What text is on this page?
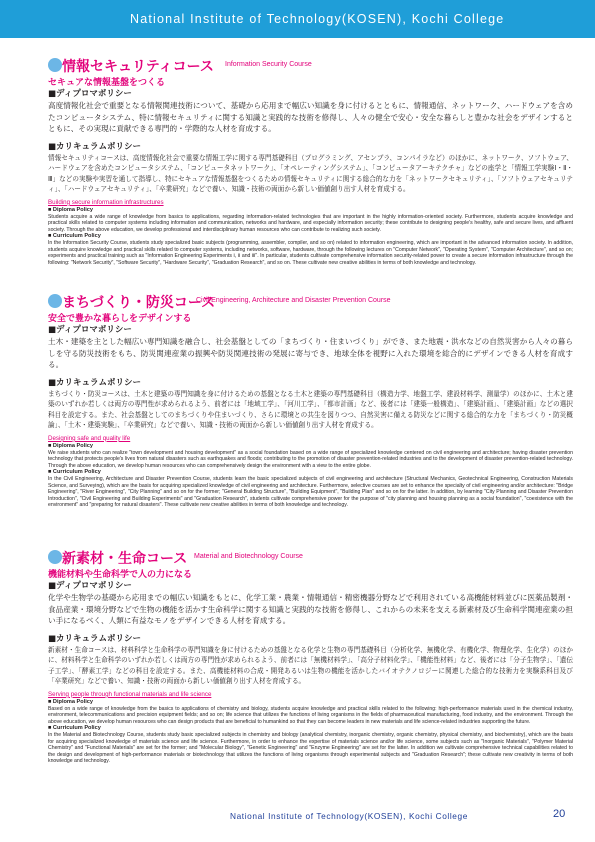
National Institute of Technology(KOSEN), Kochi College
情報セキュリティコース Information Security Course
セキュアな情報基盤をつくる
■ディプロマポリシー

高度情報化社会で重要となる情報関連技術について、基礎から応用まで幅広い知識を身に付けるとともに、情報通信、ネットワーク、ハードウェアを含めたコンピュータシステム、特に情報セキュリティに関する知識と実践的な技術を修得し、人々の健全で安心・安全な暮らしと豊かな社会をデザインするとともに、その実現に貢献できる専門的・学際的な人材を育成する。

■カリキュラムポリシー

情報セキュリティコースは、高度情報化社会で重要な情報工学に関する専門基礎科目（プログラミング、アセンブラ、コンパイラなど）のほかに、ネットワーク、ソフトウェア、ハードウェアを含めたコンピュータシステム、「コンピュータネットワーク」、「オペレーティングシステム」、「コンピュータアーキテクチャ」などの座学と「情報工学実験Ⅰ・Ⅱ・Ⅲ」などの実験や実習を通して指導し、特にセキュアな情報基盤をつくるための情報セキュリティに関する総合的な力を「ネットワークセキュリティ」、「ソフトウェアセキュリティ」、「ハードウェアセキュリティ」、「卒業研究」などで養い、知識・技術の両面から新しい価値創り出す人材を育成する。

Building secure information infrastructures
■ Diploma Policy

Students acquire a wide range of knowledge from basics to applications, regarding information-related technologies that are important in the highly information-oriented society. Furthermore, students acquire knowledge and practical skills related to computer systems including information and communication, networks and hardware, and especially information security; these contribute to designing people's healthy, safe and secure lives, and affluent society. Through the above education, we develop professional and interdisciplinary human resources who can contribute to realizing such society.

■ Curriculum Policy

In the Information Security Course, students study specialized basic subjects (programming, assembler, compiler, and so on) related to information engineering, which are important in the advanced information society. In addition, students acquire knowledge and practical skills related to computer systems, including networks, software, hardware, through the following lectures on "Computer Network", "Operating System", "Computer Architecture", and so on; experiments and practical training such as "Information Engineering Experiments Ⅰ, Ⅱ and Ⅲ". In particular, students cultivate comprehensive information security-related power to create a secure information infrastructure through the following: "Network Security", "Software Security", "Hardware Security", "Graduation Research", and so on. These cultivate new creative abilities in terms of both knowledge and technology.

まちづくり・防災コース
Civil Engineering, Architecture and Disaster Prevention Course
安全で豊かな暮らしをデザインする
■ディプロマポリシー

土木・建築を主とした幅広い専門知識を融合し、社会基盤としての「まちづくり・住まいづくり」ができ、また地震・洪水などの自然災害から人々の暮らしを守る防災技術をもち、防災関連産業の振興や防災関連技術の発展に寄与でき、地球全体を視野に入れた環境を総合的にデザインできる人材を育成する。

■カリキュラムポリシー

まちづくり・防災コースは、土木と建築の専門知識を身に付けるための基盤となる土木と建築の専門基礎科目（構造力学、地盤工学、建設材料学、測量学）のほかに、土木と建築のいずれか若しくは両方の専門性が求められるよう、前者には「地域工学」、「河川工学」、「都市計画」など、後者には「建築一般構造」、「建築計画」、「建築計画」などの選択科目を設定する。また、社会基盤としてのまちづくりや住まいづくり、さらに環境との共生を図りつつ、自然災害に備える防災などに関する総合的な力を「まちづくり・防災概論」、「土木・建築実験」、「卒業研究」などで養い、知識・技術の両面から新しい価値創り出す人材を育成する。

Designing safe and quality life
■ Diploma Policy

We raise students who can realize "town development and housing development" as a social foundation based on a wide range of specialized knowledge centered on civil engineering and architecture; having disaster prevention technology that protects people's lives from natural disasters such as earthquakes and floods; contributing to the promotion of disaster prevention-related industries and to the development of disaster prevention-related technology. Through the above education, we develop human resources who can comprehensively design the environment with a view to the entire globe.

■ Curriculum Policy

In the Civil Engineering, Architecture and Disaster Prevention Course, students learn the basic specialized subjects of civil engineering and architecture (Structural Mechanics, Geotechnical Engineering, Construction Materials Science, and Surveying), which are the basis for acquiring specialized knowledge of civil engineering and architecture. Furthermore, selective courses are set to enhance the specialty of civil engineering and/or architecture: "Bridge Engineering", "River Engineering", "City Planning" and so on for the former; "General Building Structure", "Building Equipment", "Building Plan" and so on for the latter. In addition, by learning "City Planning and Disaster Prevention Introduction", "Civil Engineering and Building Experiments" and "Graduation Research", students cultivate comprehensive power for the purpose of "city planning and housing planning as a social foundation", "coexistence with the environment" and "preparing for natural disasters". These cultivate new creative abilities in terms of both knowledge and technology.

新素材・生命コース Material and Biotechnology Course
機能材料や生命科学で人の力になる
■ディプロマポリシー

化学や生物学の基礎から応用までの幅広い知識をもとに、化学工業・農業・情報通信・精密機器分野などで利用されている高機能材料並びに医薬品製剤・食品産業・環境分野などで生物の機能を活かす生命科学に関する知識と実践的な技術を修得し、これからの未来を支える新素材及び生命科学関連産業の担い手になるべく、人類に有益なモノをデザインできる人材を育成する。

■カリキュラムポリシー

新素材・生命コースは、材料科学と生命科学の専門知識を身に付けるための基盤となる化学と生物の専門基礎科目（分析化学、無機化学、有機化学、物理化学、生化学）のほかに、材料科学と生命科学のいずれか若しくは両方の専門性が求められるよう、前者には「無機材料学」、「高分子材料化学」、「機能性材料」など、後者には「分子生物学」、「遺伝子工学」、「酵素工学」などの科目を設定する。また、高機能材料の合成・開発あるいは生物の機能を活かしたバイオテクノロジーに関連した総合的な技術力を実験系科目及び「卒業研究」などで養い、知識・技術の両面から新しい価値創り出す人材を育成する。

Serving people through functional materials and life science
■ Diploma Policy

Based on a wide range of knowledge from the basics to applications of chemistry and biology, students acquire knowledge and practical skills related to the following: high-performance materials used in the chemical industry, environment, telecommunications and precision equipment fields; and so on; life science that utilizes the functions of living organisms in the fields of pharmaceutical manufacturing, food industry, and the environment. Through the above education, we develop human resources who can design products that are beneficial to humankind so that they can become leaders in new materials and life science-related industries supporting the future.

■ Curriculum Policy

In the Material and Biotechnology Course, students study basic specialized subjects in chemistry and biology (analytical chemistry, inorganic chemistry, organic chemistry, physical chemistry, and biochemistry), which are the basis for acquiring specialized knowledge of materials science and life science. Furthermore, in order to enhance the expertise of materials science and/or life science, some subjects such as "Inorganic Materials", "Polymer Material Chemistry" and "Functional Materials" are set for the former; and "Molecular Biology", "Genetic Engineering" and "Enzyme Engineering" are set for the latter. In addition we cultivate comprehensive technical capabilities related to the design and development of high-performance materials or biotechnology that utilizes the functions of living organisms through experimental subjects and "Graduation Research"; these cultivate new creativity in terms of both knowledge and technology.

National Institute of Technology(KOSEN), Kochi College	20
